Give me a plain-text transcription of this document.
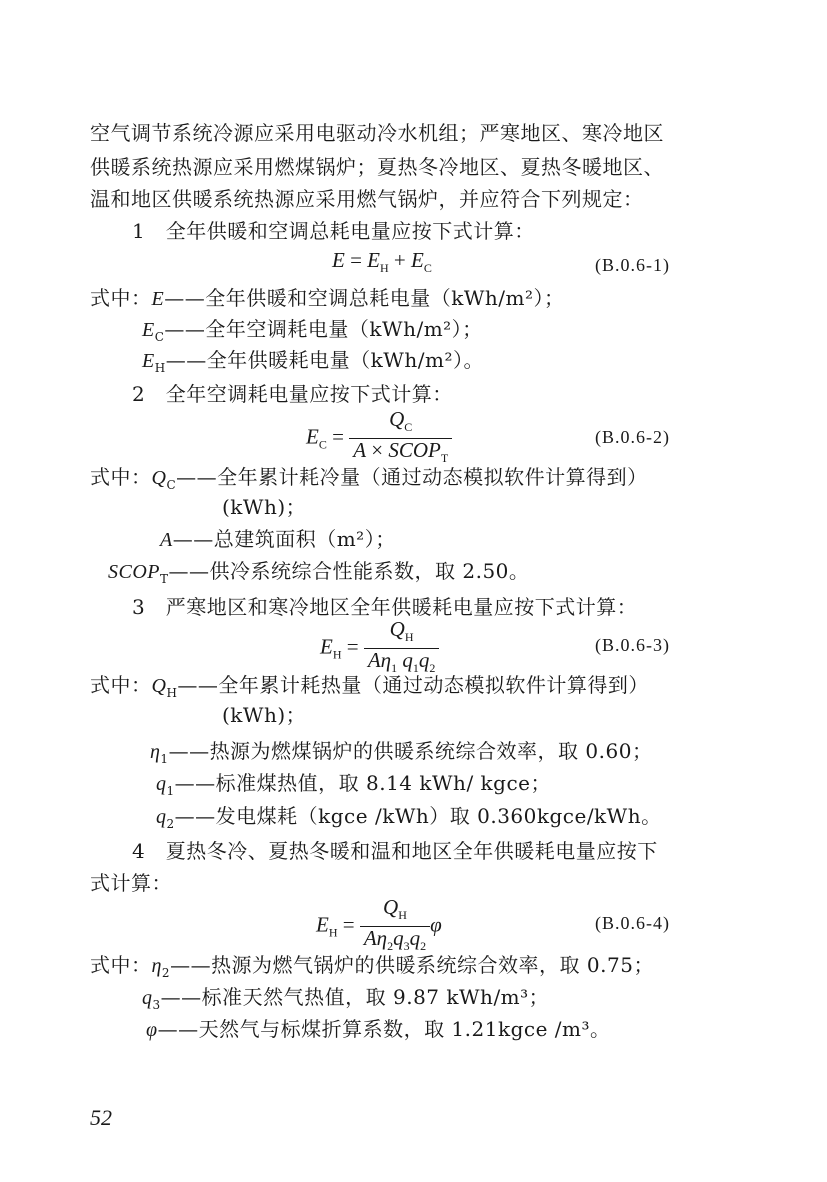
空气调节系统冷源应采用电驱动冷水机组；严寒地区、寒冷地区
供暖系统热源应采用燃煤锅炉；夏热冬冷地区、夏热冬暖地区、
温和地区供暖系统热源应采用燃气锅炉，并应符合下列规定：
1　全年供暖和空调总耗电量应按下式计算：
$E = E_H + E_C$	(B.0.6-1)
式中：E——全年供暖和空调总耗电量（kWh/m²）；
$E_C——$全年空调耗电量（kWh/m²）；
$E_H——$全年供暖耗电量（kWh/m²）。
2　全年空调耗电量应按下式计算：
$E_C = \frac{Q_C}{A \times SCOP_T}$	(B.0.6-2)
式中：$Q_C——$全年累计耗冷量（通过动态模拟软件计算得到）
(kWh)；
A——总建筑面积（m²）；
$SCOP_T——$供冷系统综合性能系数，取 2.50。
3　严寒地区和寒冷地区全年供暖耗电量应按下式计算：
$E_H = \frac{Q_H}{A\eta_1 q_1q_2}$	(B.0.6-3)
式中：$Q_H——$全年累计耗热量（通过动态模拟软件计算得到）
(kWh)；
$\eta_1——$热源为燃煤锅炉的供暖系统综合效率，取 0.60；
$q_1——$标准煤热值，取 8.14 kWh/ kgce；
$q_2——$发电煤耗（kgce /kWh）取 0.360kgce/kWh。
4　夏热冬冷、夏热冬暖和温和地区全年供暖耗电量应按下
式计算：
$E_H = \frac{Q_H}{A\eta_2q_3q_2}$ φ	(B.0.6-4)
式中：$\eta_2——$热源为燃气锅炉的供暖系统综合效率，取 0.75；
$q_3——$标准天然气热值，取 9.87 kWh/m³；
φ——天然气与标煤折算系数，取 1.21kgce /m³。
52
